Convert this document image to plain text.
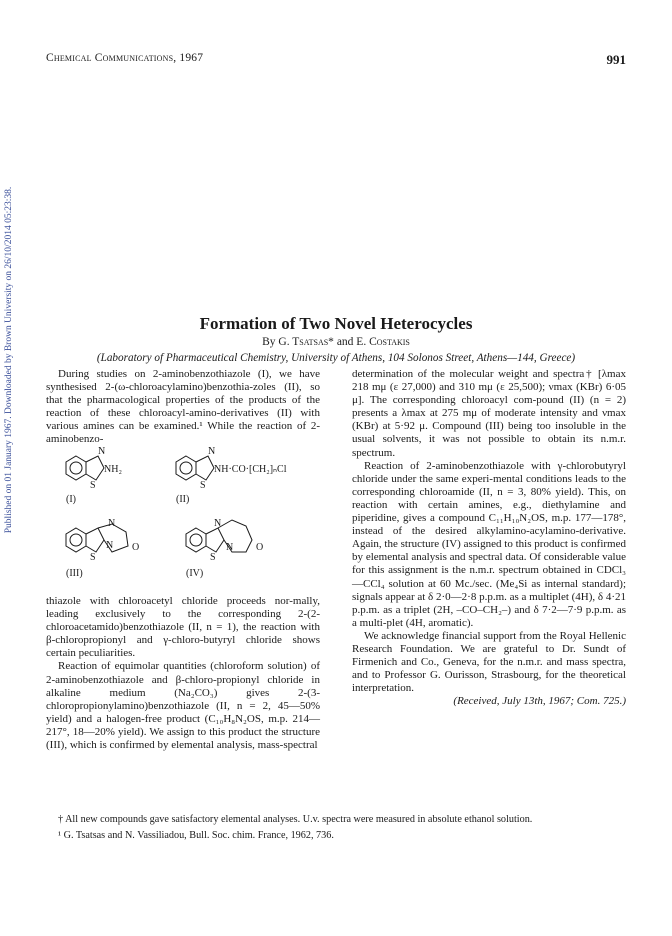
Published on 01 January 1967. Downloaded by Brown University on 26/10/2014 05:23:38.
Chemical Communications, 1967	991
Formation of Two Novel Heterocycles
By G. Tsatsas* and E. Costakis
(Laboratory of Pharmaceutical Chemistry, University of Athens, 104 Solonos Street, Athens—144, Greece)

During studies on 2-aminobenzothiazole (I), we have synthesised 2-(ω-chloroacylamino)benzothia-zoles (II), so that the pharmacological properties of the products of the reaction of these chloroacyl-amino-derivatives (II) with various amines can be examined.¹ While the reaction of 2-aminobenzo-

N
S
NH₂
(I)
N
S
NH·CO·[CH₂]ₙCl
(II)
N
S
N O
(III)
N
S
N O
(IV)

thiazole with chloroacetyl chloride proceeds nor-mally, leading exclusively to the corresponding 2-(2-chloroacetamido)benzothiazole (II, n = 1), the reaction with β-chloropropionyl and γ-chloro-butyryl chloride shows certain peculiarities.

Reaction of equimolar quantities (chloroform solution) of 2-aminobenzothiazole and β-chloro-propionyl chloride in alkaline medium (Na₂CO₃) gives 2-(3-chloropropionylamino)benzothiazole (II, n = 2, 45—50% yield) and a halogen-free product (C₁₀H₈N₂OS, m.p. 214—217°, 18—20% yield). We assign to this product the structure (III), which is confirmed by elemental analysis, mass-spectral

determination of the molecular weight and spectra† [λmax 218 mμ (ε 27,000) and 310 mμ (ε 25,500); νmax (KBr) 6·05 μ]. The corresponding chloroacyl com-pound (II) (n = 2) presents a λmax at 275 mμ of moderate intensity and νmax (KBr) at 5·92 μ. Compound (III) being too insoluble in the usual solvents, it was not possible to obtain its n.m.r. spectrum.

Reaction of 2-aminobenzothiazole with γ-chlorobutyryl chloride under the same experi-mental conditions leads to the corresponding chloroamide (II, n = 3, 80% yield). This, on reaction with certain amines, e.g., diethylamine and piperidine, gives a compound C₁₁H₁₀N₂OS, m.p. 177—178°, instead of the desired alkylamino-acylamino-derivative. Again, the structure (IV) assigned to this product is confirmed by elemental analysis and spectral data. Of considerable value for this assignment is the n.m.r. spectrum obtained in CDCl₃—CCl₄ solution at 60 Mc./sec. (Me₄Si as internal standard); signals appear at δ 2·0—2·8 p.p.m. as a multiplet (4H), δ 4·21 p.p.m. as a triplet (2H, –CO–CH₂–) and δ 7·2—7·9 p.p.m. as a multi-plet (4H, aromatic).

We acknowledge financial support from the Royal Hellenic Research Foundation. We are grateful to Dr. Sundt of Firmenich and Co., Geneva, for the n.m.r. and mass spectra, and to Professor G. Ourisson, Strasbourg, for the theoretical interpretation.

(Received, July 13th, 1967; Com. 725.)

† All new compounds gave satisfactory elemental analyses. U.v. spectra were measured in absolute ethanol solution.

¹ G. Tsatsas and N. Vassiliadou, Bull. Soc. chim. France, 1962, 736.
